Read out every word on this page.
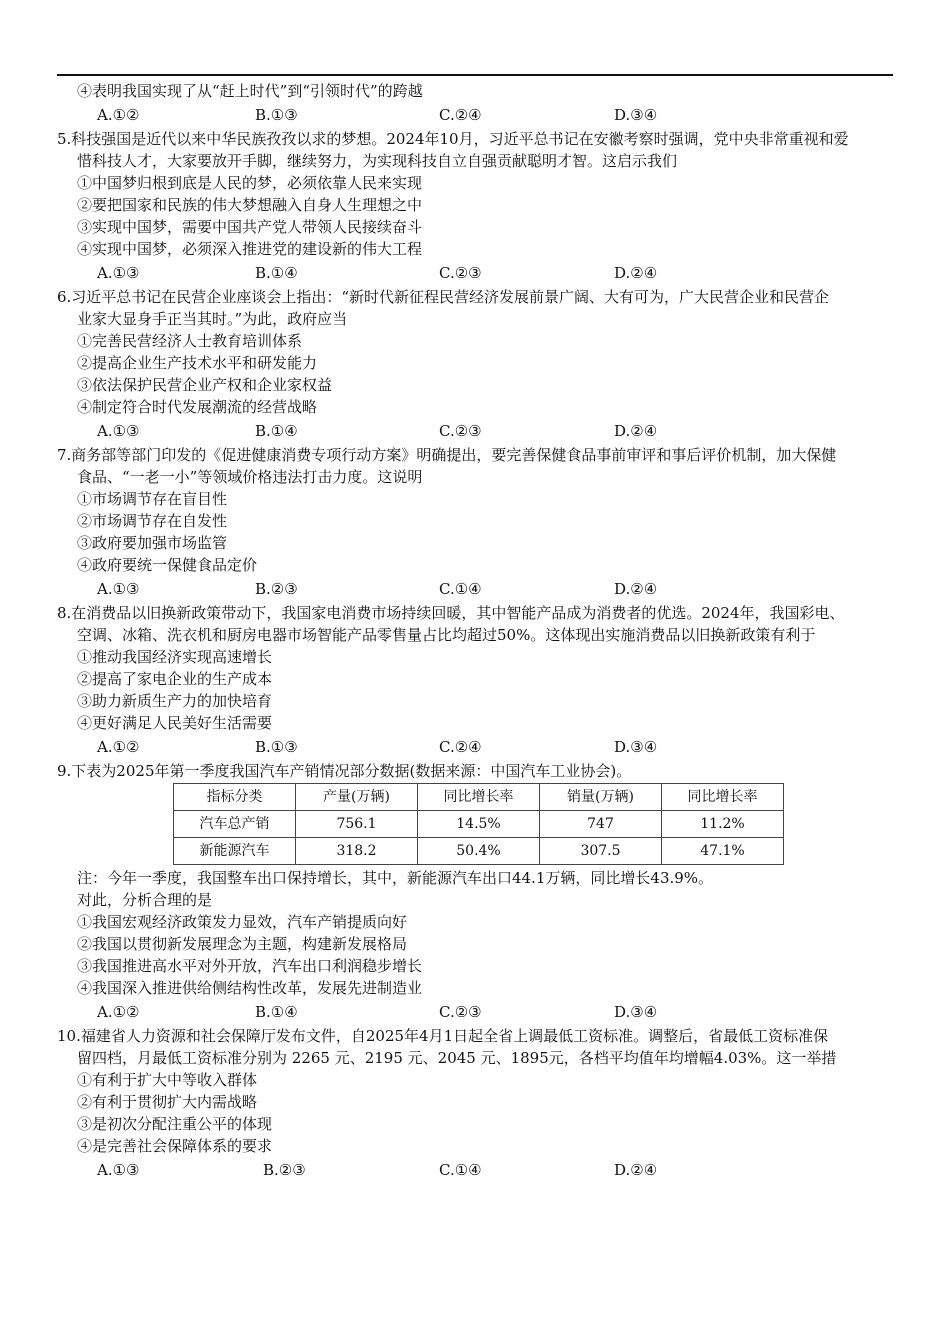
④表明我国实现了从“赶上时代”到“引领时代”的跨越
A.①②	B.①③	C.②④	D.③④
5.科技强国是近代以来中华民族孜孜以求的梦想。2024年10月，习近平总书记在安徽考察时强调，党中央非常重视和爱
惜科技人才，大家要放开手脚，继续努力，为实现科技自立自强贡献聪明才智。这启示我们
①中国梦归根到底是人民的梦，必须依靠人民来实现
②要把国家和民族的伟大梦想融入自身人生理想之中
③实现中国梦，需要中国共产党人带领人民接续奋斗
④实现中国梦，必须深入推进党的建设新的伟大工程
A.①③	B.①④	C.②③	D.②④
6.习近平总书记在民营企业座谈会上指出：“新时代新征程民营经济发展前景广阔、大有可为，广大民营企业和民营企
业家大显身手正当其时。”为此，政府应当
①完善民营经济人士教育培训体系
②提高企业生产技术水平和研发能力
③依法保护民营企业产权和企业家权益
④制定符合时代发展潮流的经营战略
A.①③	B.①④	C.②③	D.②④
7.商务部等部门印发的《促进健康消费专项行动方案》明确提出，要完善保健食品事前审评和事后评价机制，加大保健
食品、“一老一小”等领域价格违法打击力度。这说明
①市场调节存在盲目性
②市场调节存在自发性
③政府要加强市场监管
④政府要统一保健食品定价
A.①③	B.②③	C.①④	D.②④
8.在消费品以旧换新政策带动下，我国家电消费市场持续回暖，其中智能产品成为消费者的优选。2024年，我国彩电、
空调、冰箱、洗衣机和厨房电器市场智能产品零售量占比均超过50%。这体现出实施消费品以旧换新政策有利于
①推动我国经济实现高速增长
②提高了家电企业的生产成本
③助力新质生产力的加快培育
④更好满足人民美好生活需要
A.①②	B.①③	C.②④	D.③④
9.下表为2025年第一季度我国汽车产销情况部分数据(数据来源：中国汽车工业协会)。
指标分类	产量(万辆)	同比增长率	销量(万辆)	同比增长率
汽车总产销	756.1	14.5%	747	11.2%
新能源汽车	318.2	50.4%	307.5	47.1%
注：今年一季度，我国整车出口保持增长，其中，新能源汽车出口44.1万辆，同比增长43.9%。
对此，分析合理的是
①我国宏观经济政策发力显效，汽车产销提质向好
②我国以贯彻新发展理念为主题，构建新发展格局
③我国推进高水平对外开放，汽车出口利润稳步增长
④我国深入推进供给侧结构性改革，发展先进制造业
A.①②	B.①④	C.②③	D.③④
10.福建省人力资源和社会保障厅发布文件，自2025年4月1日起全省上调最低工资标准。调整后，省最低工资标准保
留四档，月最低工资标准分别为 2265 元、2195 元、2045 元、1895元，各档平均值年均增幅4.03%。这一举措
①有利于扩大中等收入群体
②有利于贯彻扩大内需战略
③是初次分配注重公平的体现
④是完善社会保障体系的要求
A.①③	B.②③	C.①④	D.②④
